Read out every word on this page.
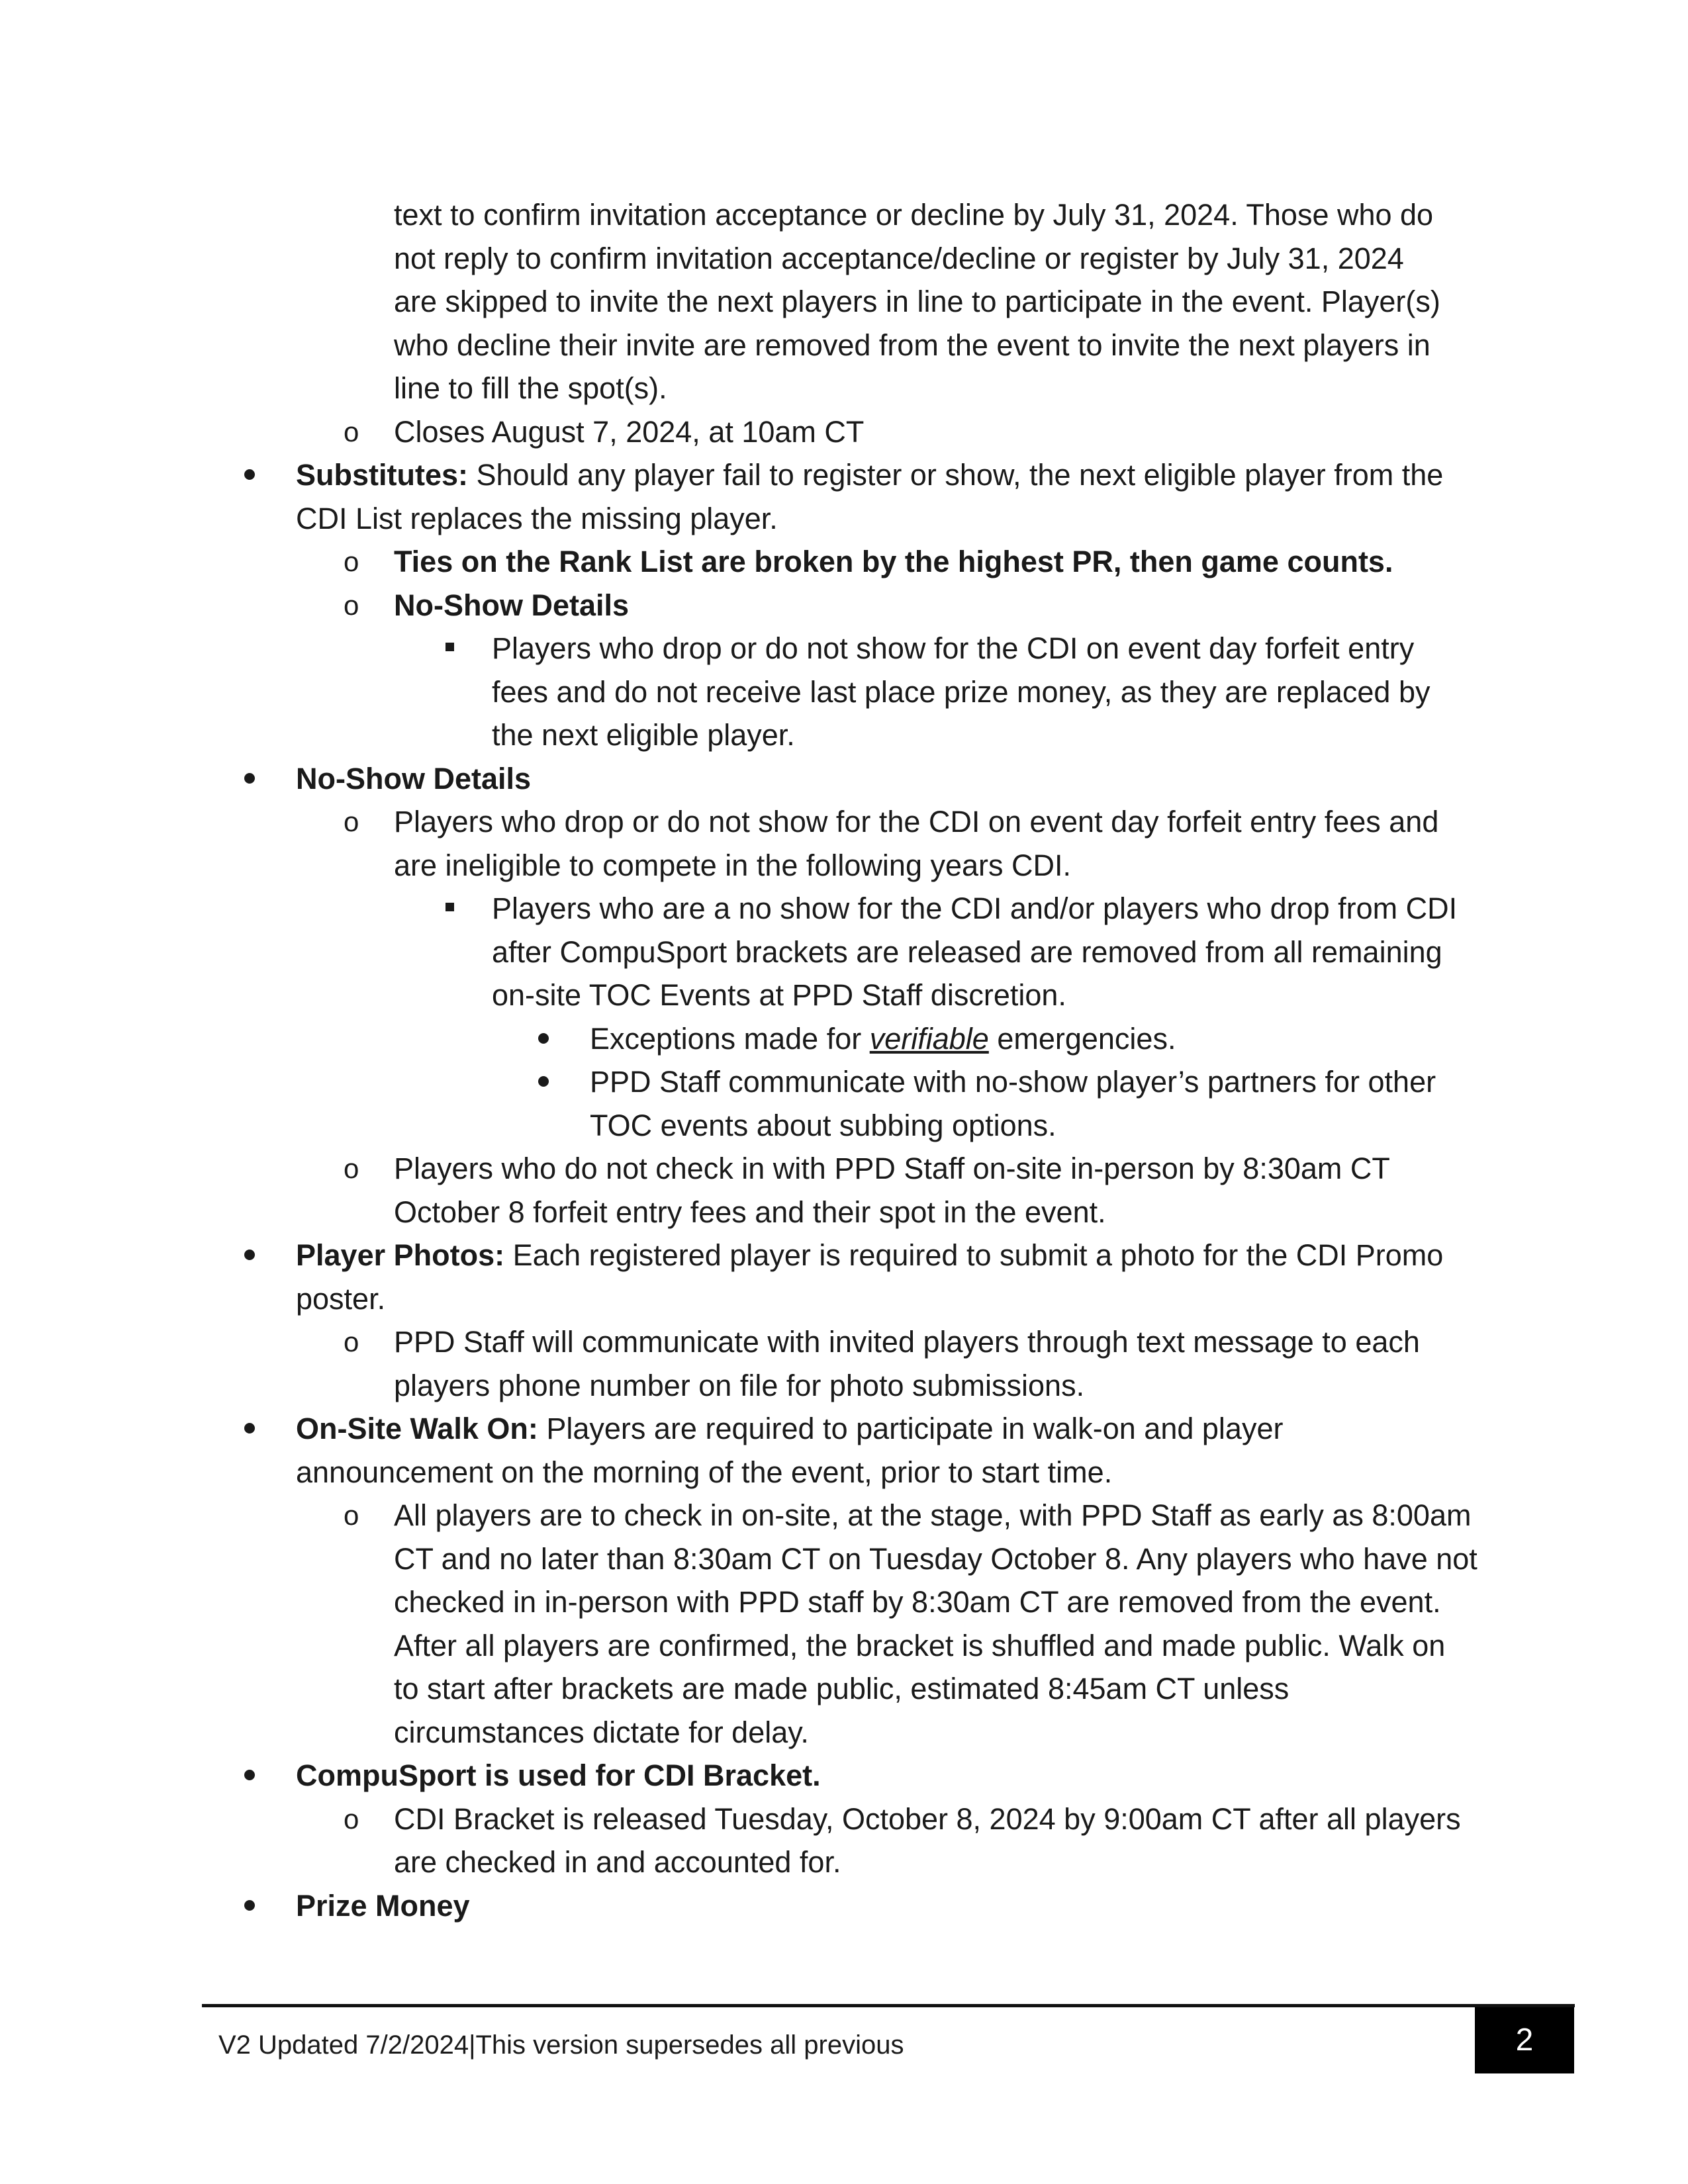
text to confirm invitation acceptance or decline by July 31, 2024. Those who do
not reply to confirm invitation acceptance/decline or register by July 31, 2024
are skipped to invite the next players in line to participate in the event. Player(s)
who decline their invite are removed from the event to invite the next players in
line to fill the spot(s).
o Closes August 7, 2024, at 10am CT
Substitutes: Should any player fail to register or show, the next eligible player from the
CDI List replaces the missing player.
o Ties on the Rank List are broken by the highest PR, then game counts.
o No-Show Details
Players who drop or do not show for the CDI on event day forfeit entry
fees and do not receive last place prize money, as they are replaced by
the next eligible player.
No-Show Details
o Players who drop or do not show for the CDI on event day forfeit entry fees and
are ineligible to compete in the following years CDI.
Players who are a no show for the CDI and/or players who drop from CDI
after CompuSport brackets are released are removed from all remaining
on-site TOC Events at PPD Staff discretion.
Exceptions made for verifiable emergencies.
PPD Staff communicate with no-show player’s partners for other
TOC events about subbing options.
o Players who do not check in with PPD Staff on-site in-person by 8:30am CT
October 8 forfeit entry fees and their spot in the event.
Player Photos: Each registered player is required to submit a photo for the CDI Promo
poster.
o PPD Staff will communicate with invited players through text message to each
players phone number on file for photo submissions.
On-Site Walk On: Players are required to participate in walk-on and player
announcement on the morning of the event, prior to start time.
o All players are to check in on-site, at the stage, with PPD Staff as early as 8:00am
CT and no later than 8:30am CT on Tuesday October 8. Any players who have not
checked in in-person with PPD staff by 8:30am CT are removed from the event.
After all players are confirmed, the bracket is shuffled and made public. Walk on
to start after brackets are made public, estimated 8:45am CT unless
circumstances dictate for delay.
CompuSport is used for CDI Bracket.
o CDI Bracket is released Tuesday, October 8, 2024 by 9:00am CT after all players
are checked in and accounted for.
Prize Money
V2 Updated 7/2/2024|This version supersedes all previous	2
